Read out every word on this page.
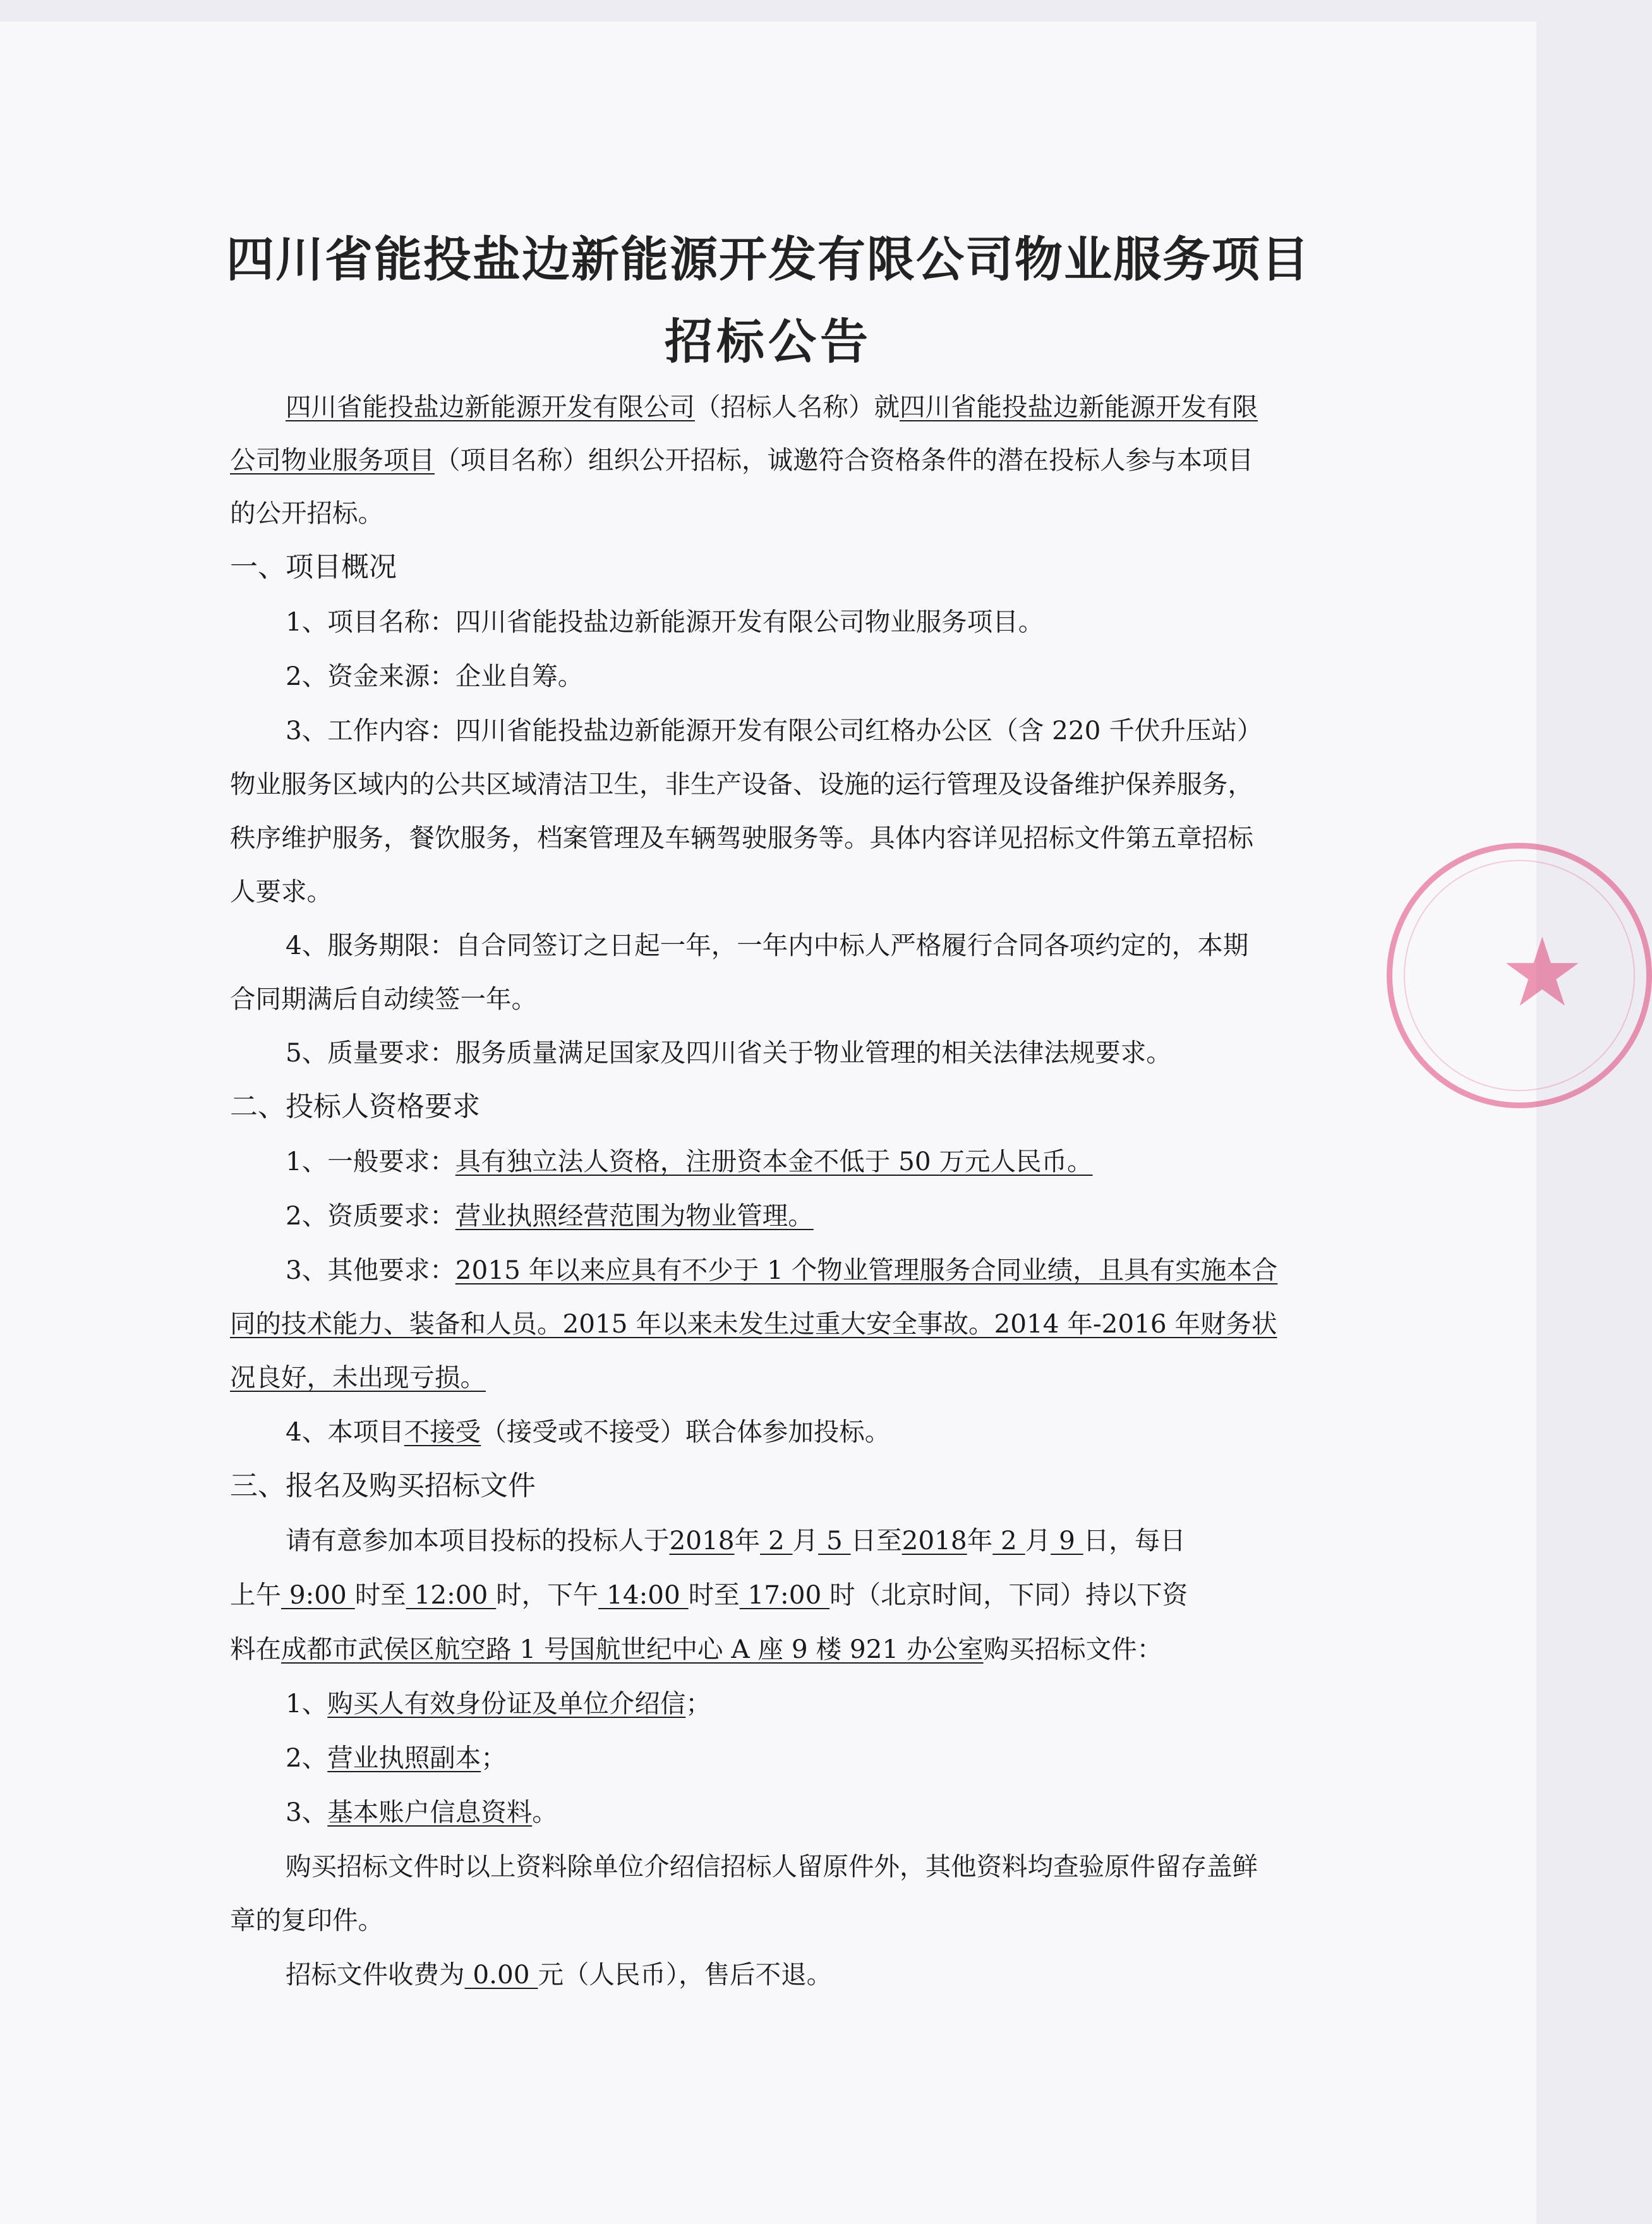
四川省能投盐边新能源开发有限公司物业服务项目
招标公告
四川省能投盐边新能源开发有限公司（招标人名称）就四川省能投盐边新能源开发有限
公司物业服务项目（项目名称）组织公开招标，诚邀符合资格条件的潜在投标人参与本项目
的公开招标。
一、项目概况
1、项目名称：四川省能投盐边新能源开发有限公司物业服务项目。
2、资金来源：企业自筹。
3、工作内容：四川省能投盐边新能源开发有限公司红格办公区（含 220 千伏升压站）
物业服务区域内的公共区域清洁卫生，非生产设备、设施的运行管理及设备维护保养服务，
秩序维护服务，餐饮服务，档案管理及车辆驾驶服务等。具体内容详见招标文件第五章招标
人要求。
4、服务期限：自合同签订之日起一年，一年内中标人严格履行合同各项约定的，本期
合同期满后自动续签一年。
5、质量要求：服务质量满足国家及四川省关于物业管理的相关法律法规要求。
二、投标人资格要求
1、一般要求：具有独立法人资格，注册资本金不低于 50 万元人民币。
2、资质要求：营业执照经营范围为物业管理。
3、其他要求：2015 年以来应具有不少于 1 个物业管理服务合同业绩，且具有实施本合
同的技术能力、装备和人员。2015 年以来未发生过重大安全事故。2014 年-2016 年财务状
况良好，未出现亏损。
4、本项目不接受（接受或不接受）联合体参加投标。
三、报名及购买招标文件
请有意参加本项目投标的投标人于2018年 2 月 5 日至2018年 2 月 9 日，每日
上午 9:00 时至 12:00 时，下午 14:00 时至 17:00 时（北京时间，下同）持以下资
料在成都市武侯区航空路 1 号国航世纪中心 A 座 9 楼 921 办公室购买招标文件：
1、购买人有效身份证及单位介绍信；
2、营业执照副本；
3、基本账户信息资料。
购买招标文件时以上资料除单位介绍信招标人留原件外，其他资料均查验原件留存盖鲜
章的复印件。
招标文件收费为 0.00 元（人民币），售后不退。
★
